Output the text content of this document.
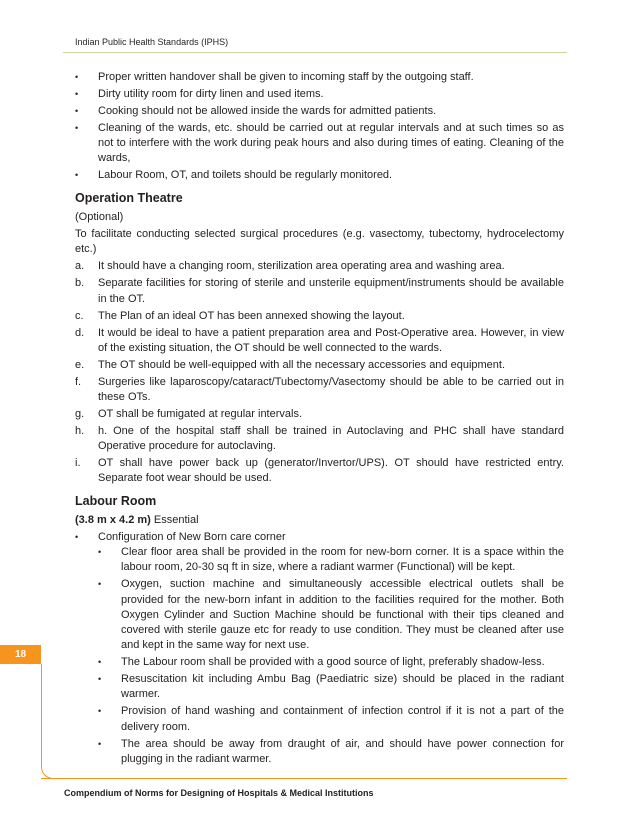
Indian Public Health Standards (IPHS)
• Proper written handover shall be given to incoming staff by the outgoing staff.
• Dirty utility room for dirty linen and used items.
• Cooking should not be allowed inside the wards for admitted patients.
• Cleaning of the wards, etc. should be carried out at regular intervals and at such times so as not to interfere with the work during peak hours and also during times of eating. Cleaning of the wards,
• Labour Room, OT, and toilets should be regularly monitored.
Operation Theatre

(Optional)

To facilitate conducting selected surgical procedures (e.g. vasectomy, tubectomy, hydrocelectomy etc.)

a. It should have a changing room, sterilization area operating area and washing area.
b. Separate facilities for storing of sterile and unsterile equipment/instruments should be available in the OT.
c. The Plan of an ideal OT has been annexed showing the layout.
d. It would be ideal to have a patient preparation area and Post-Operative area. However, in view of the existing situation, the OT should be well connected to the wards.
e. The OT should be well-equipped with all the necessary accessories and equipment.
f. Surgeries like laparoscopy/cataract/Tubectomy/Vasectomy should be able to be carried out in these OTs.
g. OT shall be fumigated at regular intervals.
h. h. One of the hospital staff shall be trained in Autoclaving and PHC shall have standard Operative procedure for autoclaving.
i. OT shall have power back up (generator/Invertor/UPS). OT should have restricted entry. Separate foot wear should be used.
Labour Room

(3.8 m x 4.2 m) Essential

• Configuration of New Born care corner
• Clear floor area shall be provided in the room for new-born corner. It is a space within the labour room, 20-30 sq ft in size, where a radiant warmer (Functional) will be kept.
• Oxygen, suction machine and simultaneously accessible electrical outlets shall be provided for the new-born infant in addition to the facilities required for the mother. Both Oxygen Cylinder and Suction Machine should be functional with their tips cleaned and covered with sterile gauze etc for ready to use condition. They must be cleaned after use and kept in the same way for next use.
• The Labour room shall be provided with a good source of light, preferably shadow-less.
• Resuscitation kit including Ambu Bag (Paediatric size) should be placed in the radiant warmer.
• Provision of hand washing and containment of infection control if it is not a part of the delivery room.
• The area should be away from draught of air, and should have power connection for plugging in the radiant warmer.
18
Compendium of Norms for Designing of Hospitals & Medical Institutions
